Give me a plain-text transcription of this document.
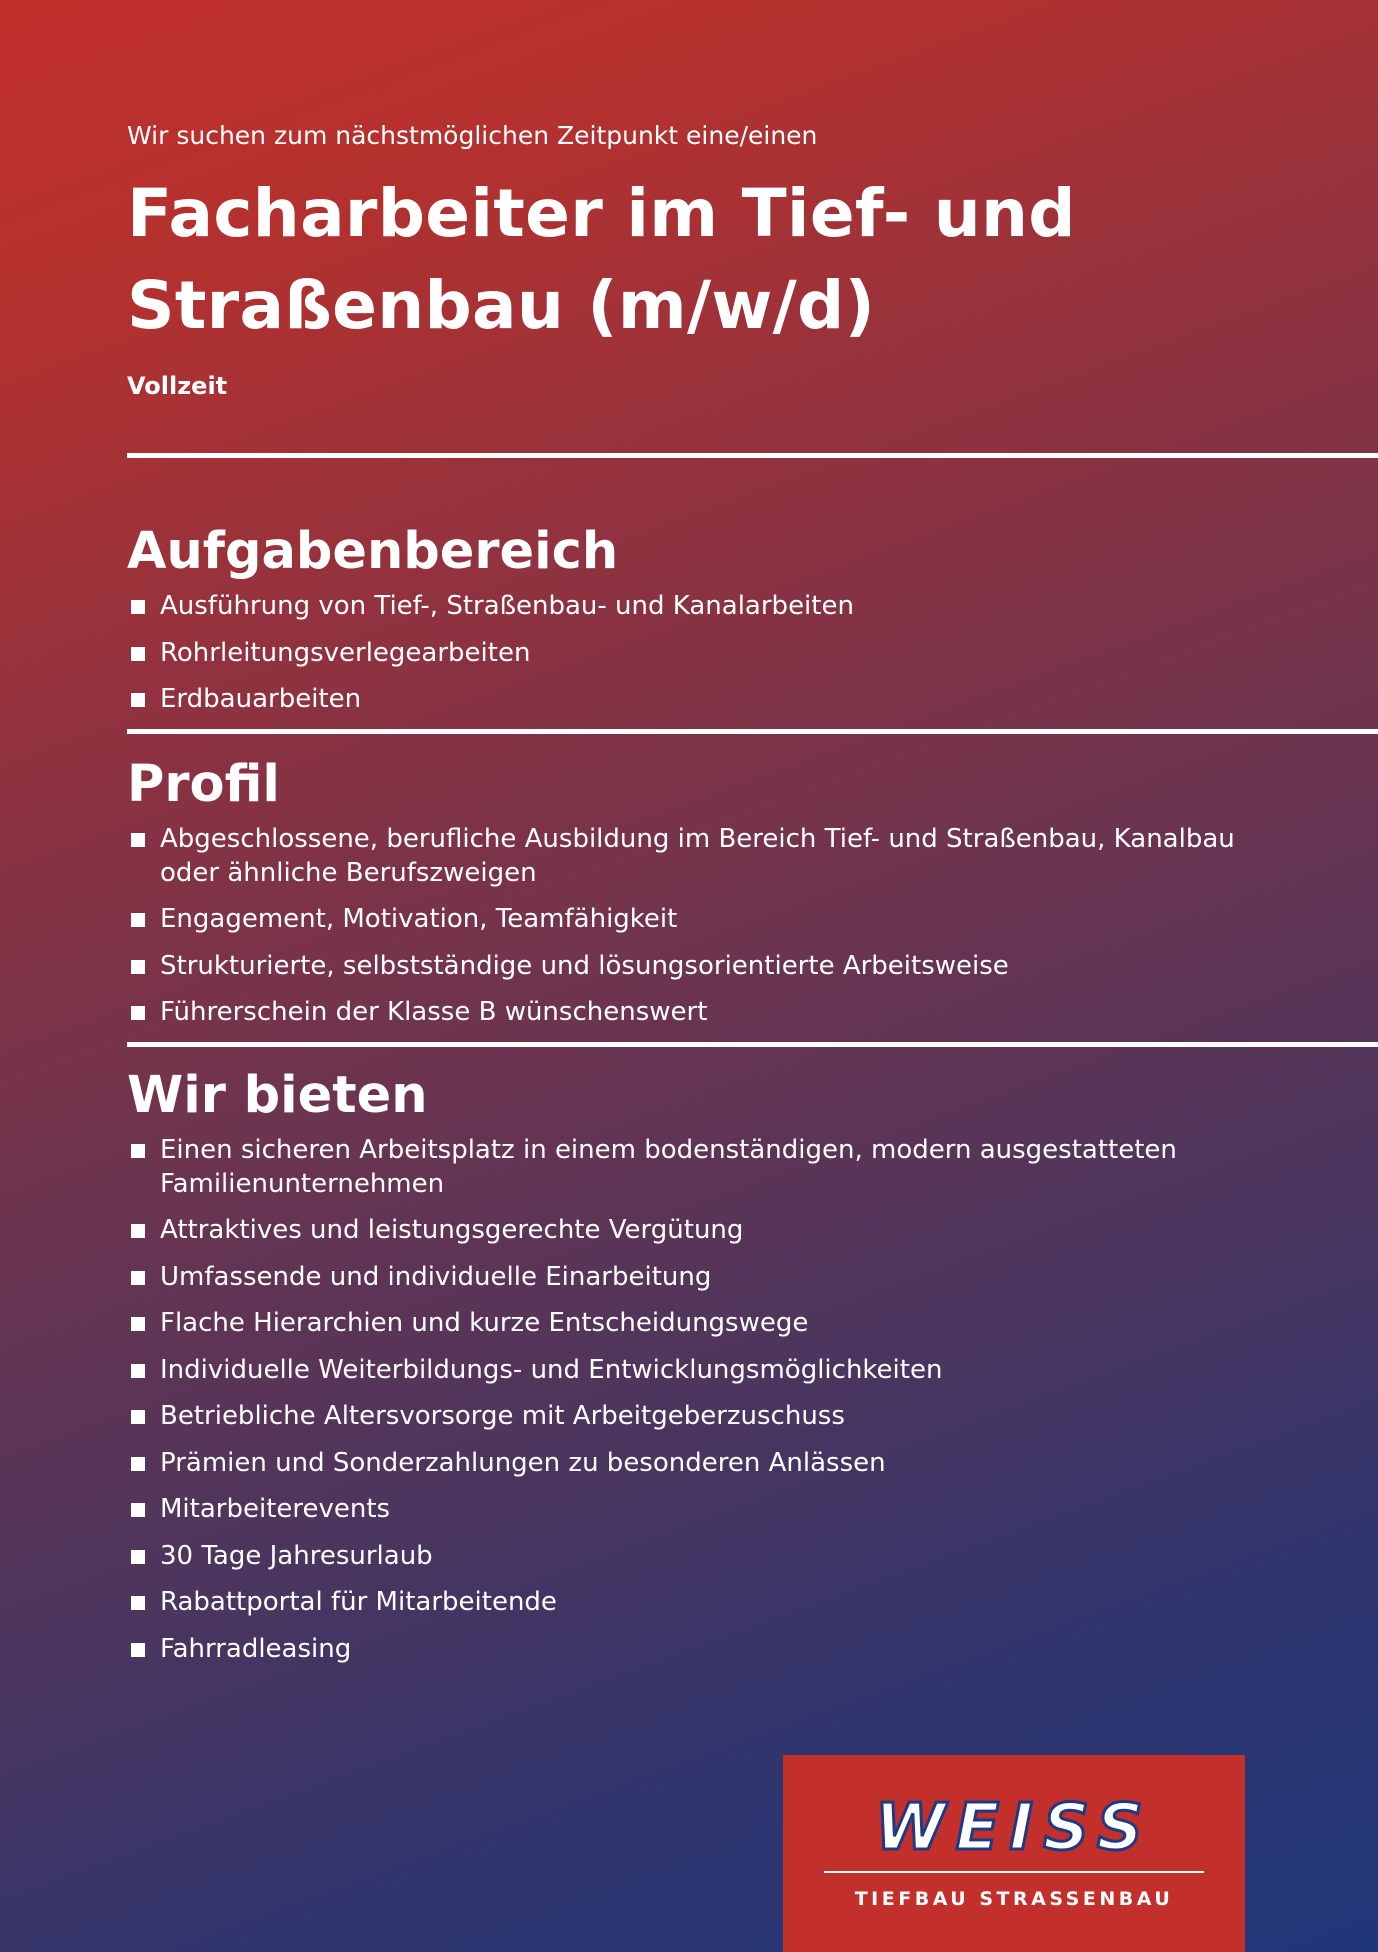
Wir suchen zum nächstmöglichen Zeitpunkt eine/einen

Facharbeiter im Tief- und
Straßenbau (m/w/d)

Vollzeit

Aufgabenbereich
Ausführung von Tief-, Straßenbau- und Kanalarbeiten
Rohrleitungsverlegearbeiten
Erdbauarbeiten
Profil
Abgeschlossene, berufliche Ausbildung im Bereich Tief- und Straßenbau, Kanalbau oder ähnliche Berufszweigen
Engagement, Motivation, Teamfähigkeit
Strukturierte, selbstständige und lösungsorientierte Arbeitsweise
Führerschein der Klasse B wünschenswert
Wir bieten
Einen sicheren Arbeitsplatz in einem bodenständigen, modern ausgestatteten Familienunternehmen
Attraktives und leistungsgerechte Vergütung
Umfassende und individuelle Einarbeitung
Flache Hierarchien und kurze Entscheidungswege
Individuelle Weiterbildungs- und Entwicklungsmöglichkeiten
Betriebliche Altersvorsorge mit Arbeitgeberzuschuss
Prämien und Sonderzahlungen zu besonderen Anlässen
Mitarbeiterevents
30 Tage Jahresurlaub
Rabattportal für Mitarbeitende
Fahrradleasing
WEISS
TIEFBAU STRASSENBAU
